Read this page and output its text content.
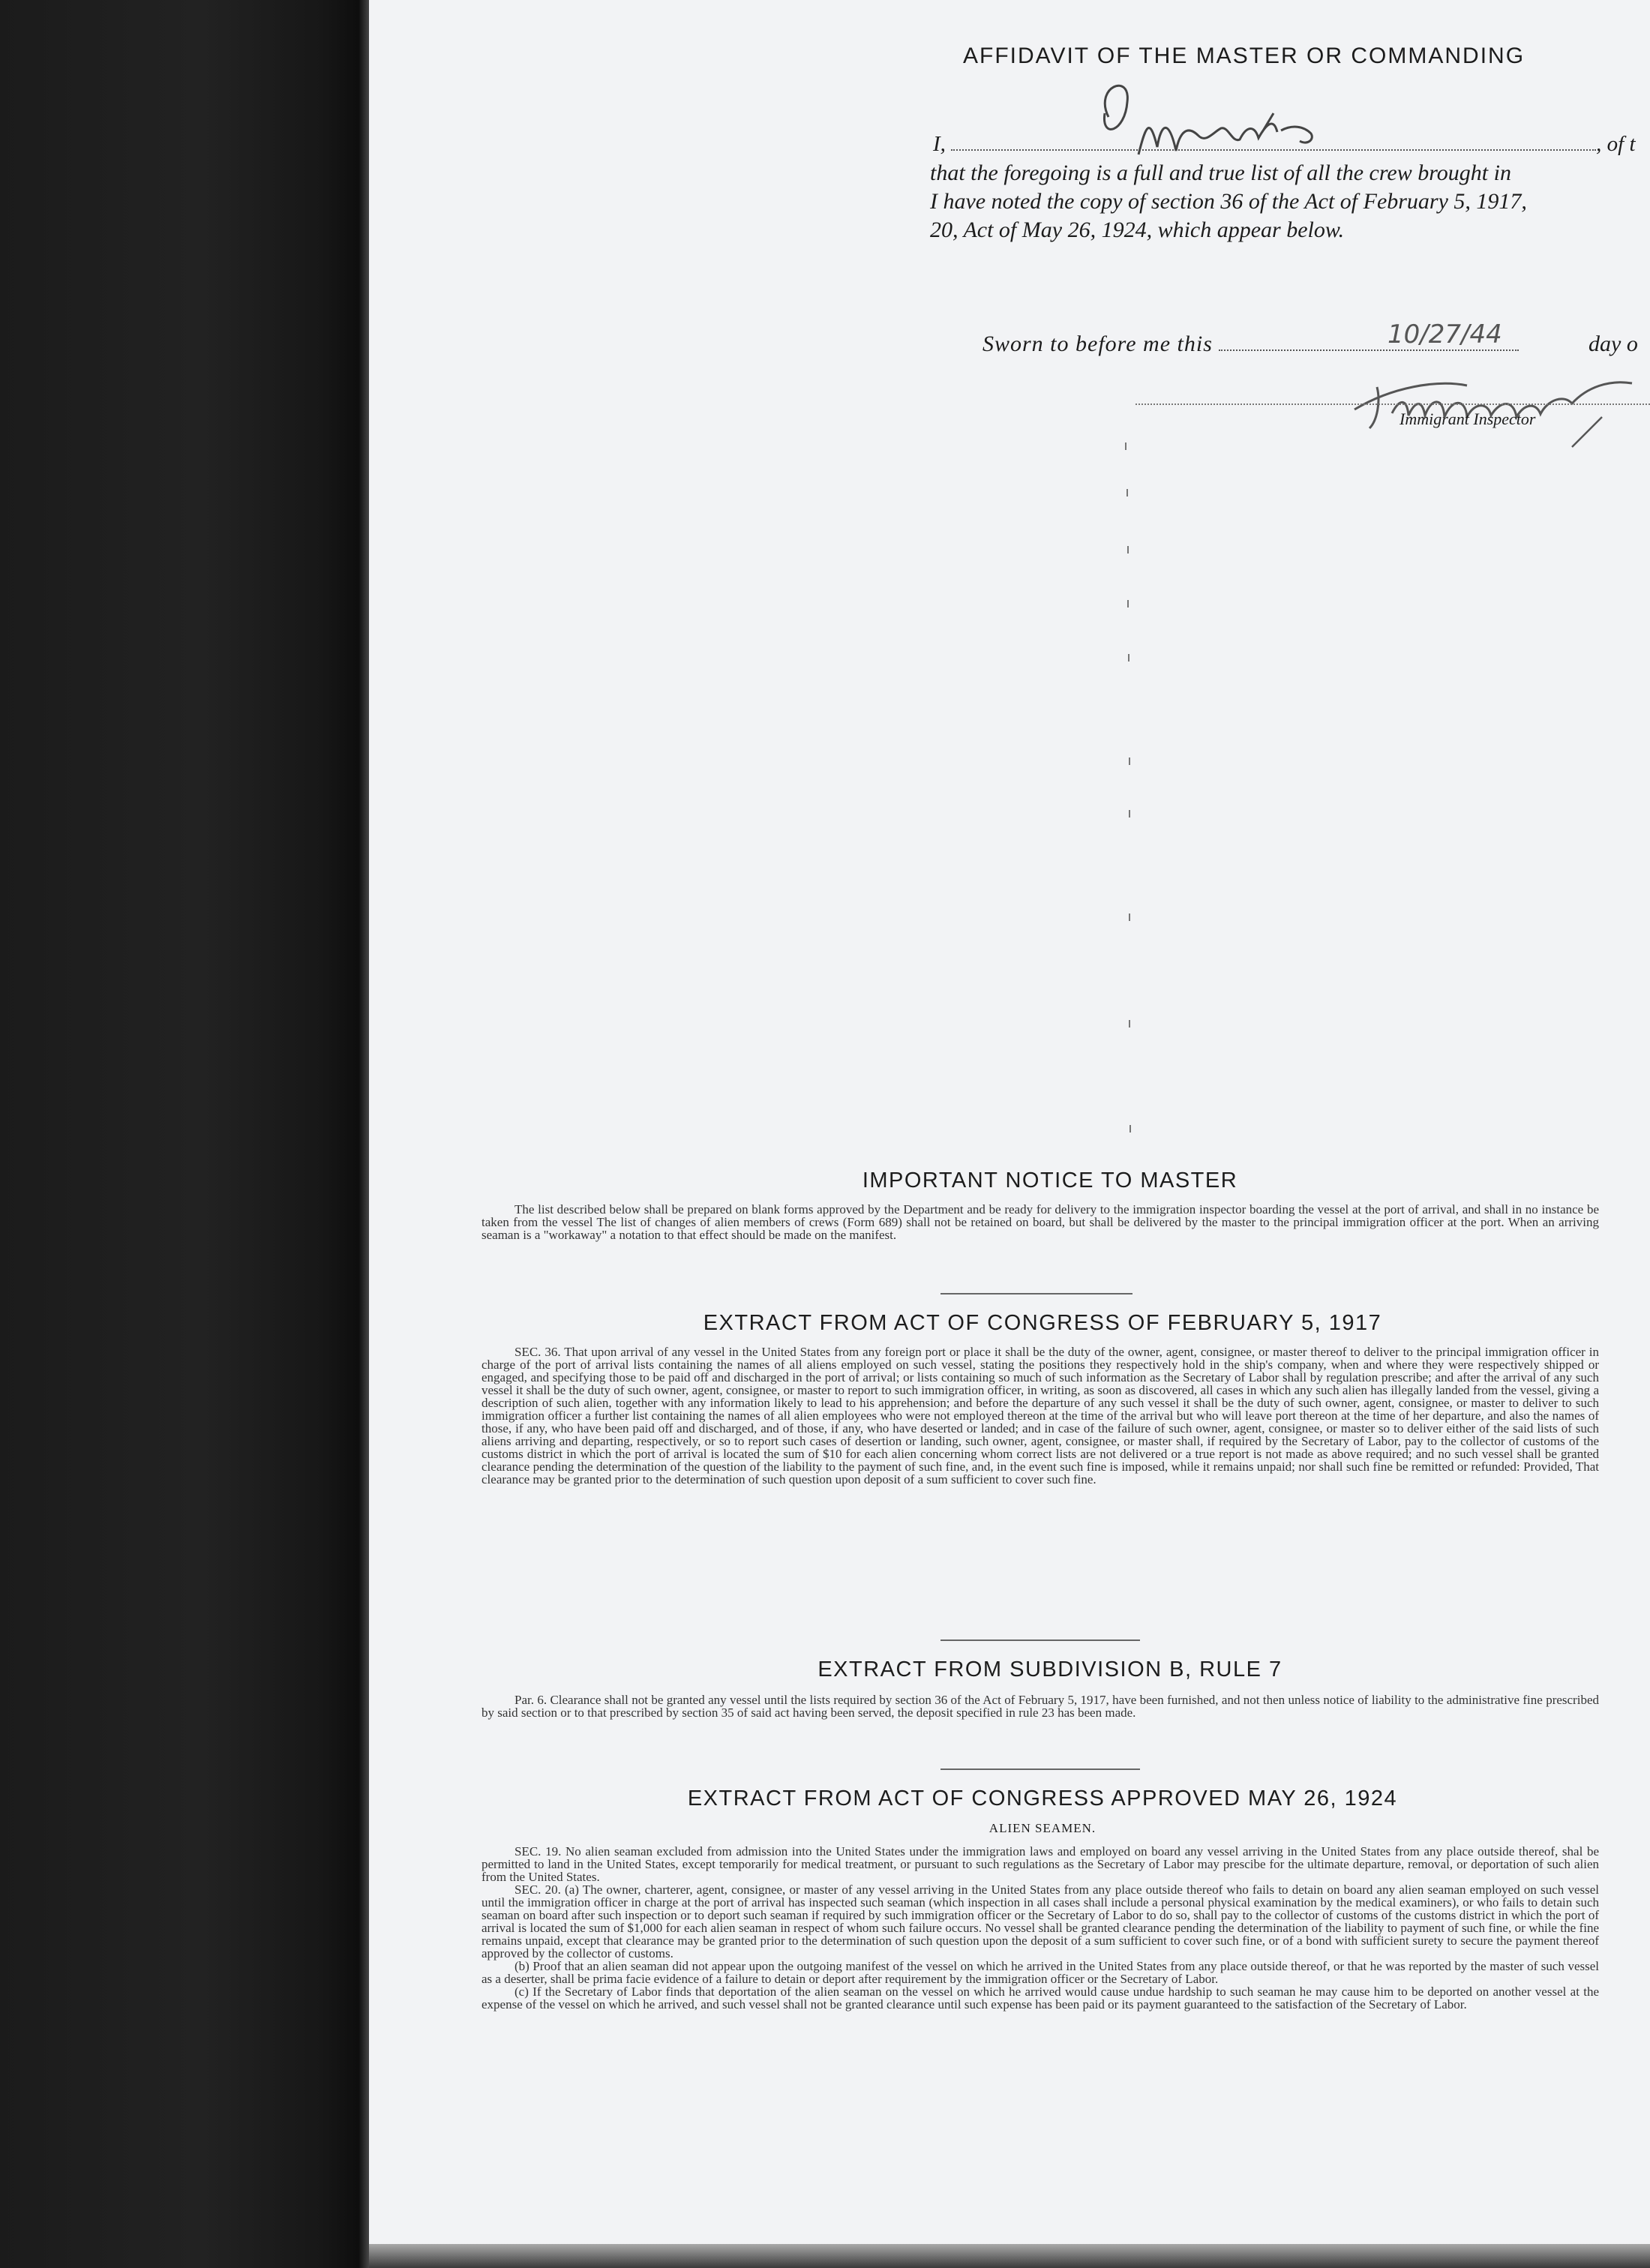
AFFIDAVIT OF THE MASTER OR COMMANDING
I,	, of t
that the foregoing is a full and true list of all the crew brought in
I have noted the copy of section 36 of the Act of February 5, 1917,
20, Act of May 26, 1924, which appear below.
Sworn to before me this	10/27/44	day o
Immigrant Inspector
IMPORTANT NOTICE TO MASTER

The list described below shall be prepared on blank forms approved by the Department and be ready for delivery to the immigration inspector boarding the vessel at the port of arrival, and shall in no instance be taken from the vessel The list of changes of alien members of crews (Form 689) shall not be retained on board, but shall be delivered by the master to the principal immigration officer at the port. When an arriving seaman is a "workaway" a notation to that effect should be made on the manifest.

EXTRACT FROM ACT OF CONGRESS OF FEBRUARY 5, 1917

SEC. 36. That upon arrival of any vessel in the United States from any foreign port or place it shall be the duty of the owner, agent, consignee, or master thereof to deliver to the principal immigration officer in charge of the port of arrival lists containing the names of all aliens employed on such vessel, stating the positions they respectively hold in the ship's company, when and where they were respectively shipped or engaged, and specifying those to be paid off and discharged in the port of arrival; or lists containing so much of such information as the Secretary of Labor shall by regulation prescribe; and after the arrival of any such vessel it shall be the duty of such owner, agent, consignee, or master to report to such immigration officer, in writing, as soon as discovered, all cases in which any such alien has illegally landed from the vessel, giving a description of such alien, together with any information likely to lead to his apprehension; and before the departure of any such vessel it shall be the duty of such owner, agent, consignee, or master to deliver to such immigration officer a further list containing the names of all alien employees who were not employed thereon at the time of the arrival but who will leave port thereon at the time of her departure, and also the names of those, if any, who have been paid off and discharged, and of those, if any, who have deserted or landed; and in case of the failure of such owner, agent, consignee, or master so to deliver either of the said lists of such aliens arriving and departing, respectively, or so to report such cases of desertion or landing, such owner, agent, consignee, or master shall, if required by the Secretary of Labor, pay to the collector of customs of the customs district in which the port of arrival is located the sum of $10 for each alien concerning whom correct lists are not delivered or a true report is not made as above required; and no such vessel shall be granted clearance pending the determination of the question of the liability to the payment of such fine, and, in the event such fine is imposed, while it remains unpaid; nor shall such fine be remitted or refunded: Provided, That clearance may be granted prior to the determination of such question upon deposit of a sum sufficient to cover such fine.

EXTRACT FROM SUBDIVISION B, RULE 7

Par. 6. Clearance shall not be granted any vessel until the lists required by section 36 of the Act of February 5, 1917, have been furnished, and not then unless notice of liability to the administrative fine prescribed by said section or to that prescribed by section 35 of said act having been served, the deposit specified in rule 23 has been made.

EXTRACT FROM ACT OF CONGRESS APPROVED MAY 26, 1924
ALIEN SEAMEN.

SEC. 19. No alien seaman excluded from admission into the United States under the immigration laws and employed on board any vessel arriving in the United States from any place outside thereof, shal be permitted to land in the United States, except temporarily for medical treatment, or pursuant to such regulations as the Secretary of Labor may prescibe for the ultimate departure, removal, or deportation of such alien from the United States.

SEC. 20. (a) The owner, charterer, agent, consignee, or master of any vessel arriving in the United States from any place outside thereof who fails to detain on board any alien seaman employed on such vessel until the immigration officer in charge at the port of arrival has inspected such seaman (which inspection in all cases shall include a personal physical examination by the medical examiners), or who fails to detain such seaman on board after such inspection or to deport such seaman if required by such immigration officer or the Secretary of Labor to do so, shall pay to the collector of customs of the customs district in which the port of arrival is located the sum of $1,000 for each alien seaman in respect of whom such failure occurs. No vessel shall be granted clearance pending the determination of the liability to payment of such fine, or while the fine remains unpaid, except that clearance may be granted prior to the determination of such question upon the deposit of a sum sufficient to cover such fine, or of a bond with sufficient surety to secure the payment thereof approved by the collector of customs.

(b) Proof that an alien seaman did not appear upon the outgoing manifest of the vessel on which he arrived in the United States from any place outside thereof, or that he was reported by the master of such vessel as a deserter, shall be prima facie evidence of a failure to detain or deport after requirement by the immigration officer or the Secretary of Labor.

(c) If the Secretary of Labor finds that deportation of the alien seaman on the vessel on which he arrived would cause undue hardship to such seaman he may cause him to be deported on another vessel at the expense of the vessel on which he arrived, and such vessel shall not be granted clearance until such expense has been paid or its payment guaranteed to the satisfaction of the Secretary of Labor.
